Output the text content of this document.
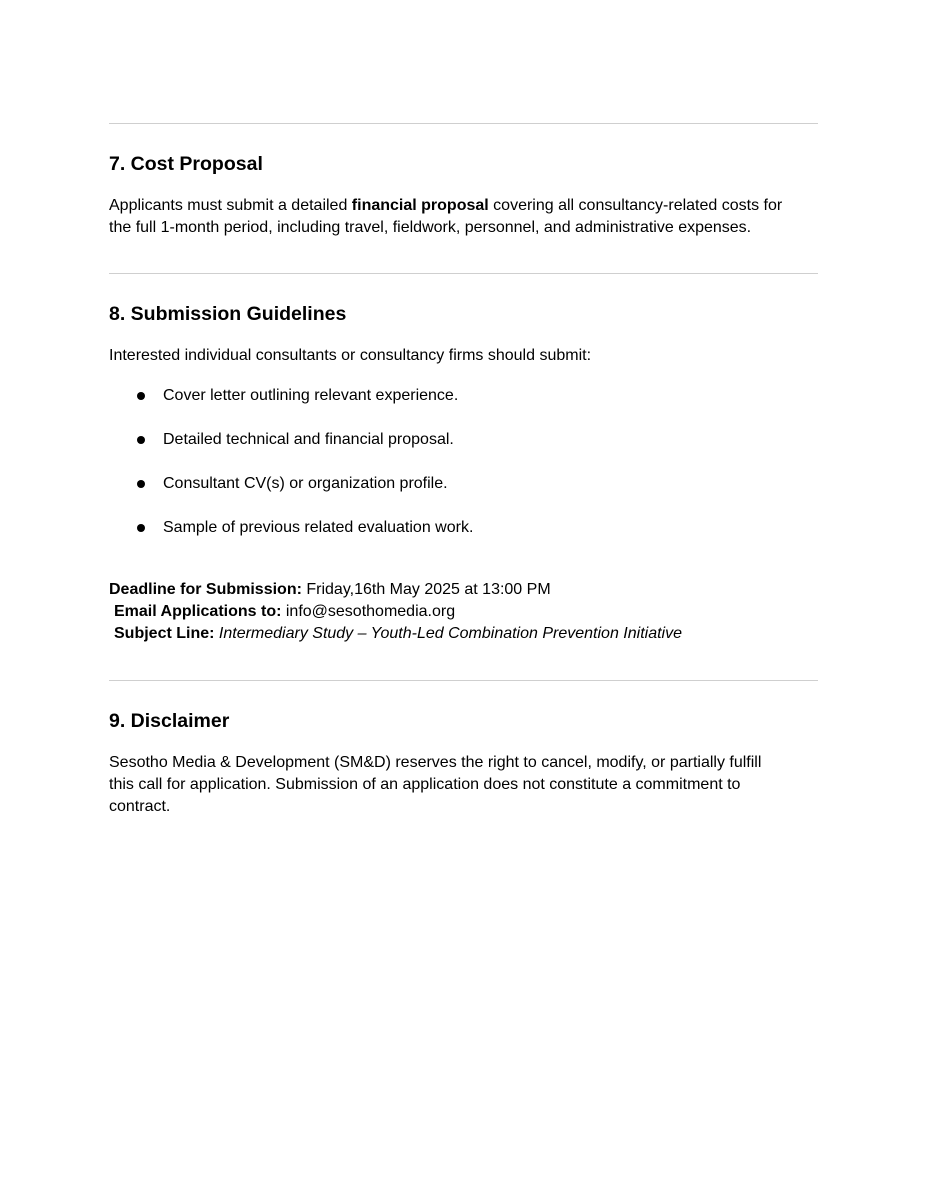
7. Cost Proposal

Applicants must submit a detailed financial proposal covering all consultancy-related costs for
the full 1-month period, including travel, fieldwork, personnel, and administrative expenses.

8. Submission Guidelines

Interested individual consultants or consultancy firms should submit:

Cover letter outlining relevant experience.
Detailed technical and financial proposal.
Consultant CV(s) or organization profile.
Sample of previous related evaluation work.
Deadline for Submission: Friday,16th May 2025 at 13:00 PM
Email Applications to: info@sesothomedia.org
Subject Line: Intermediary Study – Youth-Led Combination Prevention Initiative
9. Disclaimer

Sesotho Media & Development (SM&D) reserves the right to cancel, modify, or partially fulfill
this call for application. Submission of an application does not constitute a commitment to
contract.
